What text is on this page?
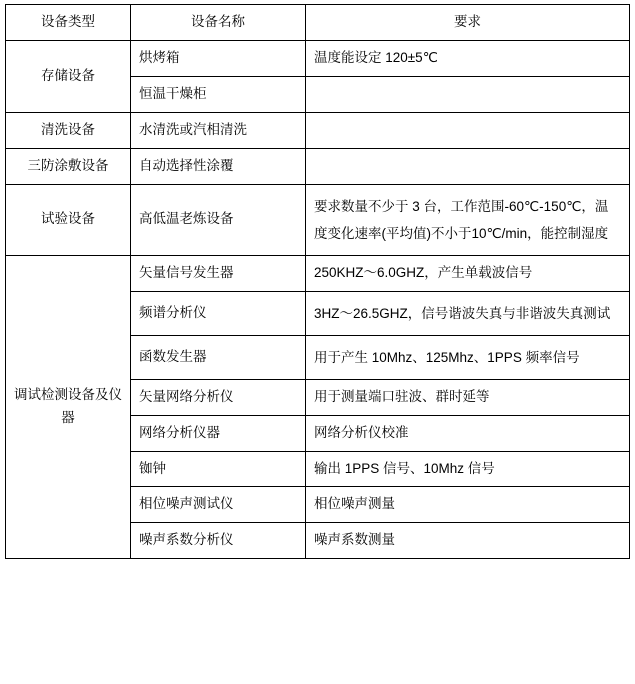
设备类型	设备名称	要求
存储设备	烘烤箱	温度能设定 120±5℃
	恒温干燥柜	
清洗设备	水清洗或汽相清洗	
三防涂敷设备	自动选择性涂覆	
试验设备	高低温老炼设备	要求数量不少于 3 台，工作范围-60℃-150℃，温度变化速率(平均值)不小于10℃/min，能控制湿度
调试检测设备及仪器	矢量信号发生器	250KHZ～6.0GHZ，产生单载波信号
	频谱分析仪	3HZ～26.5GHZ，信号谐波失真与非谐波失真测试
	函数发生器	用于产生 10Mhz、125Mhz、1PPS 频率信号
	矢量网络分析仪	用于测量端口驻波、群时延等
	网络分析仪器	网络分析仪校准
	铷钟	输出 1PPS 信号、10Mhz 信号
	相位噪声测试仪	相位噪声测量
	噪声系数分析仪	噪声系数测量
